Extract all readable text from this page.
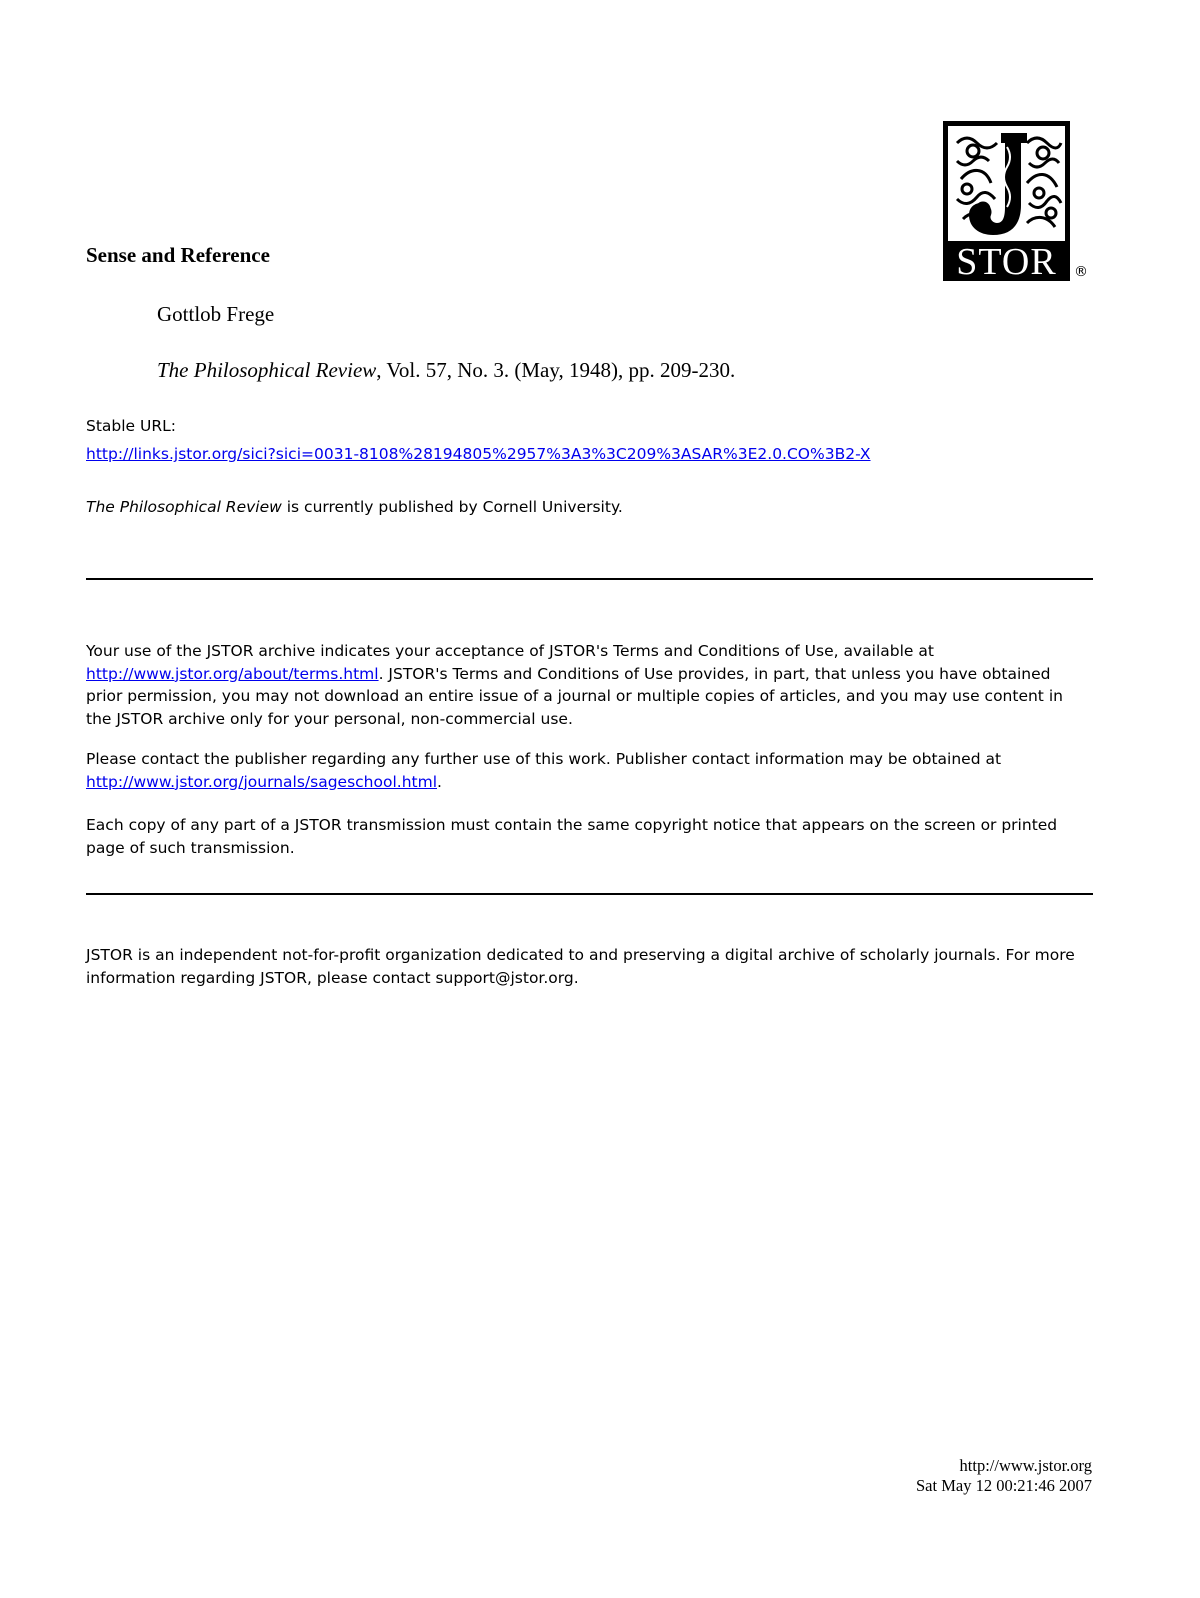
STOR ®
Sense and Reference
Gottlob Frege
The Philosophical Review, Vol. 57, No. 3. (May, 1948), pp. 209-230.
Stable URL:
http://links.jstor.org/sici?sici=0031-8108%28194805%2957%3A3%3C209%3ASAR%3E2.0.CO%3B2-X
The Philosophical Review is currently published by Cornell University.
Your use of the JSTOR archive indicates your acceptance of JSTOR's Terms and Conditions of Use, available at http://www.jstor.org/about/terms.html. JSTOR's Terms and Conditions of Use provides, in part, that unless you have obtained prior permission, you may not download an entire issue of a journal or multiple copies of articles, and you may use content in the JSTOR archive only for your personal, non-commercial use.
Please contact the publisher regarding any further use of this work. Publisher contact information may be obtained at http://www.jstor.org/journals/sageschool.html.
Each copy of any part of a JSTOR transmission must contain the same copyright notice that appears on the screen or printed page of such transmission.
JSTOR is an independent not-for-profit organization dedicated to and preserving a digital archive of scholarly journals. For more information regarding JSTOR, please contact support@jstor.org.
http://www.jstor.org
Sat May 12 00:21:46 2007
